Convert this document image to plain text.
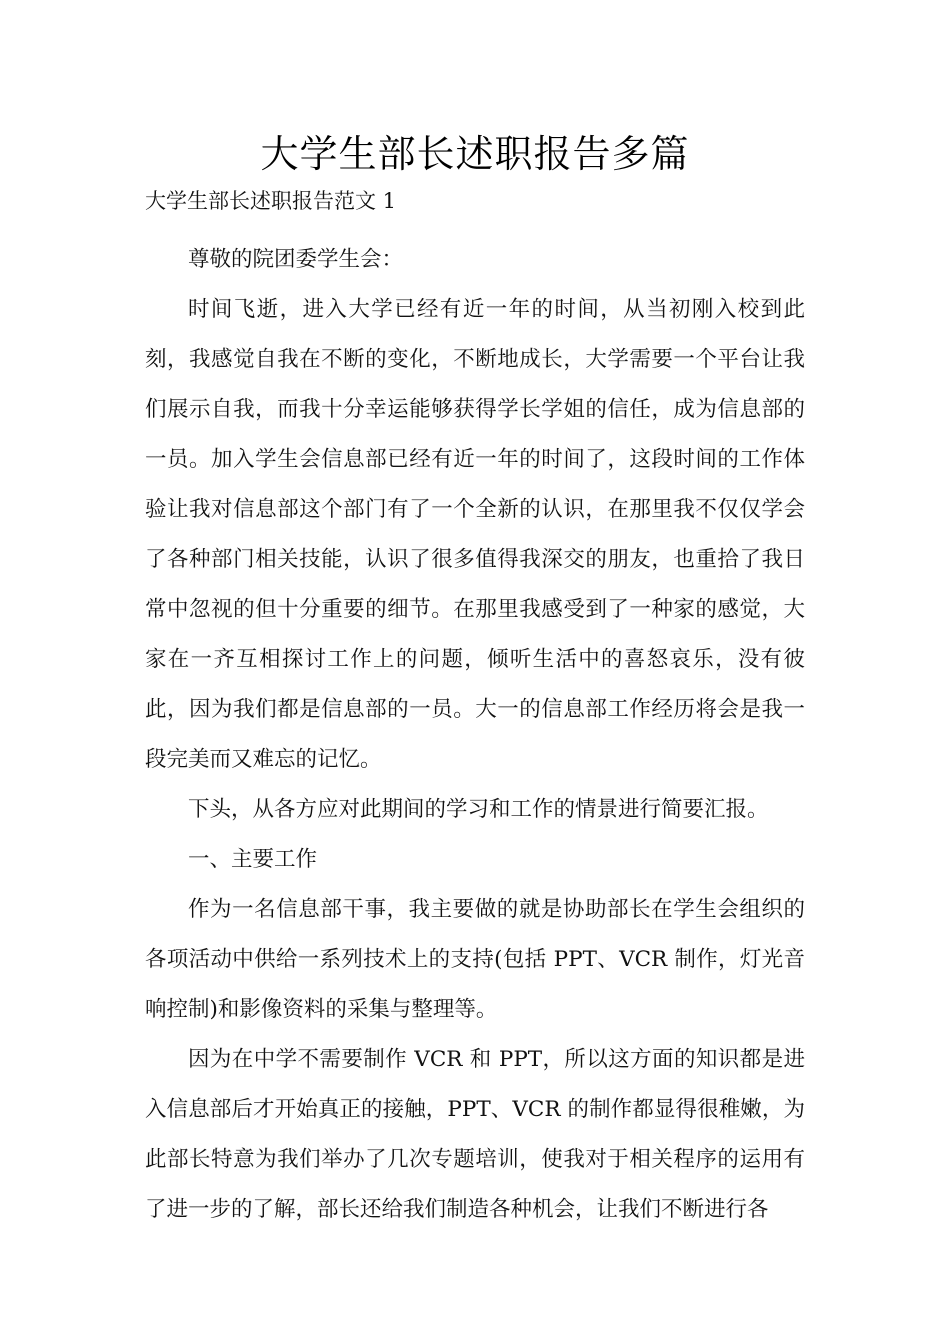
大学生部长述职报告多篇

大学生部长述职报告范文 1

尊敬的院团委学生会：

时间飞逝，进入大学已经有近一年的时间，从当初刚入校到此刻，我感觉自我在不断的变化，不断地成长，大学需要一个平台让我们展示自我，而我十分幸运能够获得学长学姐的信任，成为信息部的一员。加入学生会信息部已经有近一年的时间了，这段时间的工作体验让我对信息部这个部门有了一个全新的认识，在那里我不仅仅学会了各种部门相关技能，认识了很多值得我深交的朋友，也重拾了我日常中忽视的但十分重要的细节。在那里我感受到了一种家的感觉，大家在一齐互相探讨工作上的问题，倾听生活中的喜怒哀乐，没有彼此，因为我们都是信息部的一员。大一的信息部工作经历将会是我一段完美而又难忘的记忆。

下头，从各方应对此期间的学习和工作的情景进行简要汇报。

一、主要工作

作为一名信息部干事，我主要做的就是协助部长在学生会组织的各项活动中供给一系列技术上的支持(包括 PPT、VCR 制作，灯光音响控制)和影像资料的采集与整理等。

因为在中学不需要制作 VCR 和 PPT，所以这方面的知识都是进入信息部后才开始真正的接触，PPT、VCR 的制作都显得很稚嫩，为此部长特意为我们举办了几次专题培训，使我对于相关程序的运用有了进一步的了解，部长还给我们制造各种机会，让我们不断进行各
